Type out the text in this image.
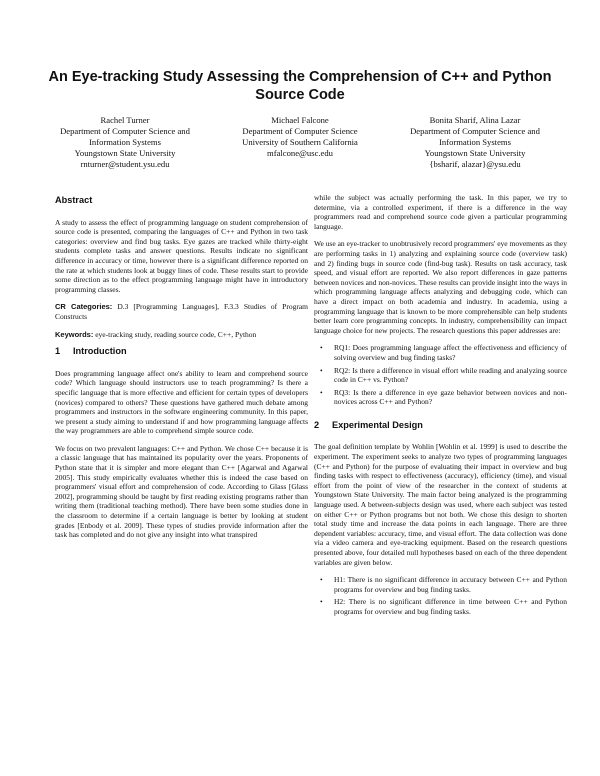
An Eye-tracking Study Assessing the Comprehension of C++ and Python Source Code
Rachel Turner
Department of Computer Science and
Information Systems
Youngstown State University
rnturner@student.ysu.edu
Michael Falcone
Department of Computer Science
University of Southern California
mfalcone@usc.edu
Bonita Sharif, Alina Lazar
Department of Computer Science and
Information Systems
Youngstown State University
{bsharif, alazar}@ysu.edu
Abstract

A study to assess the effect of programming language on student comprehension of source code is presented, comparing the languages of C++ and Python in two task categories: overview and find bug tasks. Eye gazes are tracked while thirty-eight students complete tasks and answer questions. Results indicate no significant difference in accuracy or time, however there is a significant difference reported on the rate at which students look at buggy lines of code. These results start to provide some direction as to the effect programming language might have in introductory programming classes.

CR Categories: D.3 [Programming Languages], F.3.3 Studies of Program Constructs

Keywords: eye-tracking study, reading source code, C++, Python

1 Introduction

Does programming language affect one's ability to learn and comprehend source code? Which language should instructors use to teach programming? Is there a specific language that is more effective and efficient for certain types of developers (novices) compared to others? These questions have gathered much debate among programmers and instructors in the software engineering community. In this paper, we present a study aiming to understand if and how programming language affects the way programmers are able to comprehend simple source code.

We focus on two prevalent languages: C++ and Python. We chose C++ because it is a classic language that has maintained its popularity over the years. Proponents of Python state that it is simpler and more elegant than C++ [Agarwal and Agarwal 2005]. This study empirically evaluates whether this is indeed the case based on programmers' visual effort and comprehension of code. According to Glass [Glass 2002], programming should be taught by first reading existing programs rather than writing them (traditional teaching method). There have been some studies done in the classroom to determine if a certain language is better by looking at student grades [Enbody et al. 2009]. These types of studies provide information after the task has completed and do not give any insight into what transpired

while the subject was actually performing the task. In this paper, we try to determine, via a controlled experiment, if there is a difference in the way programmers read and comprehend source code given a particular programming language.

We use an eye-tracker to unobtrusively record programmers' eye movements as they are performing tasks in 1) analyzing and explaining source code (overview task) and 2) finding bugs in source code (find-bug task). Results on task accuracy, task speed, and visual effort are reported. We also report differences in gaze patterns between novices and non-novices. These results can provide insight into the ways in which programming language affects analyzing and debugging code, which can have a direct impact on both academia and industry. In academia, using a programming language that is known to be more comprehensible can help students better learn core programming concepts. In industry, comprehensibility can impact language choice for new projects. The research questions this paper addresses are:

• RQ1: Does programming language affect the effectiveness and efficiency of solving overview and bug finding tasks?
• RQ2: Is there a difference in visual effort while reading and analyzing source code in C++ vs. Python?
• RQ3: Is there a difference in eye gaze behavior between novices and non-novices across C++ and Python?
2 Experimental Design

The goal definition template by Wohlin [Wohlin et al. 1999] is used to describe the experiment. The experiment seeks to analyze two types of programming languages (C++ and Python) for the purpose of evaluating their impact in overview and bug finding tasks with respect to effectiveness (accuracy), efficiency (time), and visual effort from the point of view of the researcher in the context of students at Youngstown State University. The main factor being analyzed is the programming language used. A between-subjects design was used, where each subject was tested on either C++ or Python programs but not both. We chose this design to shorten total study time and increase the data points in each language. There are three dependent variables: accuracy, time, and visual effort. The data collection was done via a video camera and eye-tracking equipment. Based on the research questions presented above, four detailed null hypotheses based on each of the three dependent variables are given below.

• H1: There is no significant difference in accuracy between C++ and Python programs for overview and bug finding tasks.
• H2: There is no significant difference in time between C++ and Python programs for overview and bug finding tasks.
